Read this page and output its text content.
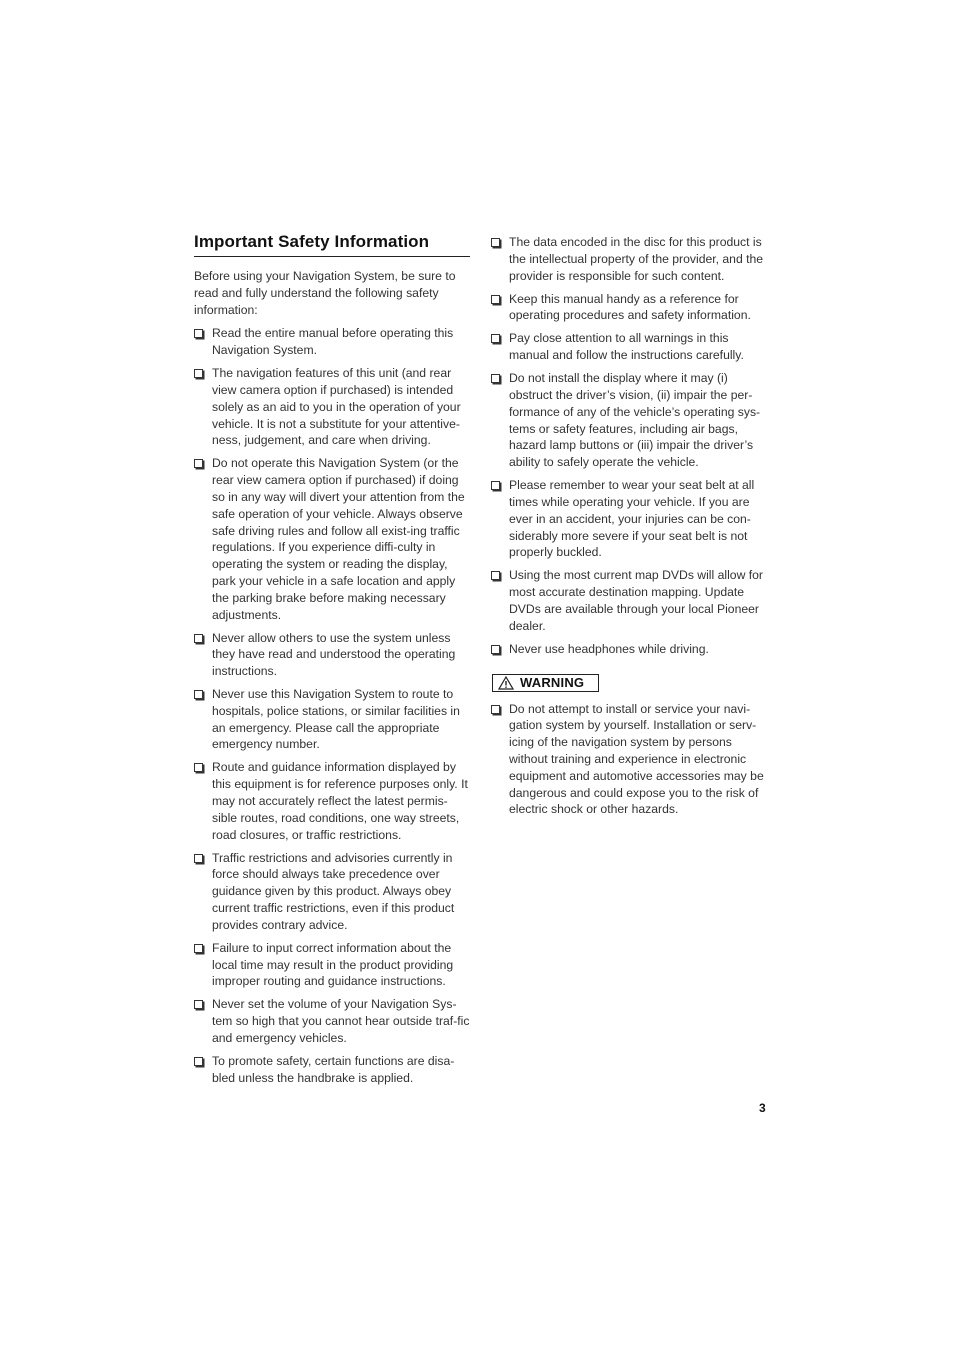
Important Safety Information

Before using your Navigation System, be sure to read and fully understand the following safety information:

Read the entire manual before operating this Navigation System.
The navigation features of this unit (and rear view camera option if purchased) is intended solely as an aid to you in the operation of your vehicle. It is not a substitute for your attentive-ness, judgement, and care when driving.
Do not operate this Navigation System (or the rear view camera option if purchased) if doing so in any way will divert your attention from the safe operation of your vehicle. Always observe safe driving rules and follow all exist-ing traffic regulations. If you experience diffi-culty in operating the system or reading the display, park your vehicle in a safe location and apply the parking brake before making necessary adjustments.
Never allow others to use the system unless they have read and understood the operating instructions.
Never use this Navigation System to route to hospitals, police stations, or similar facilities in an emergency. Please call the appropriate emergency number.
Route and guidance information displayed by this equipment is for reference purposes only. It may not accurately reflect the latest permis-sible routes, road conditions, one way streets, road closures, or traffic restrictions.
Traffic restrictions and advisories currently in force should always take precedence over guidance given by this product. Always obey current traffic restrictions, even if this product provides contrary advice.
Failure to input correct information about the local time may result in the product providing improper routing and guidance instructions.
Never set the volume of your Navigation Sys-tem so high that you cannot hear outside traf-fic and emergency vehicles.
To promote safety, certain functions are disa-bled unless the handbrake is applied.
The data encoded in the disc for this product is the intellectual property of the provider, and the provider is responsible for such content.
Keep this manual handy as a reference for operating procedures and safety information.
Pay close attention to all warnings in this manual and follow the instructions carefully.
Do not install the display where it may (i) obstruct the driver’s vision, (ii) impair the per-formance of any of the vehicle’s operating sys-tems or safety features, including air bags, hazard lamp buttons or (iii) impair the driver’s ability to safely operate the vehicle.
Please remember to wear your seat belt at all times while operating your vehicle. If you are ever in an accident, your injuries can be con-siderably more severe if your seat belt is not properly buckled.
Using the most current map DVDs will allow for most accurate destination mapping. Update DVDs are available through your local Pioneer dealer.
Never use headphones while driving.
WARNING
Do not attempt to install or service your navi-gation system by yourself. Installation or serv-icing of the navigation system by persons without training and experience in electronic equipment and automotive accessories may be dangerous and could expose you to the risk of electric shock or other hazards.
3
